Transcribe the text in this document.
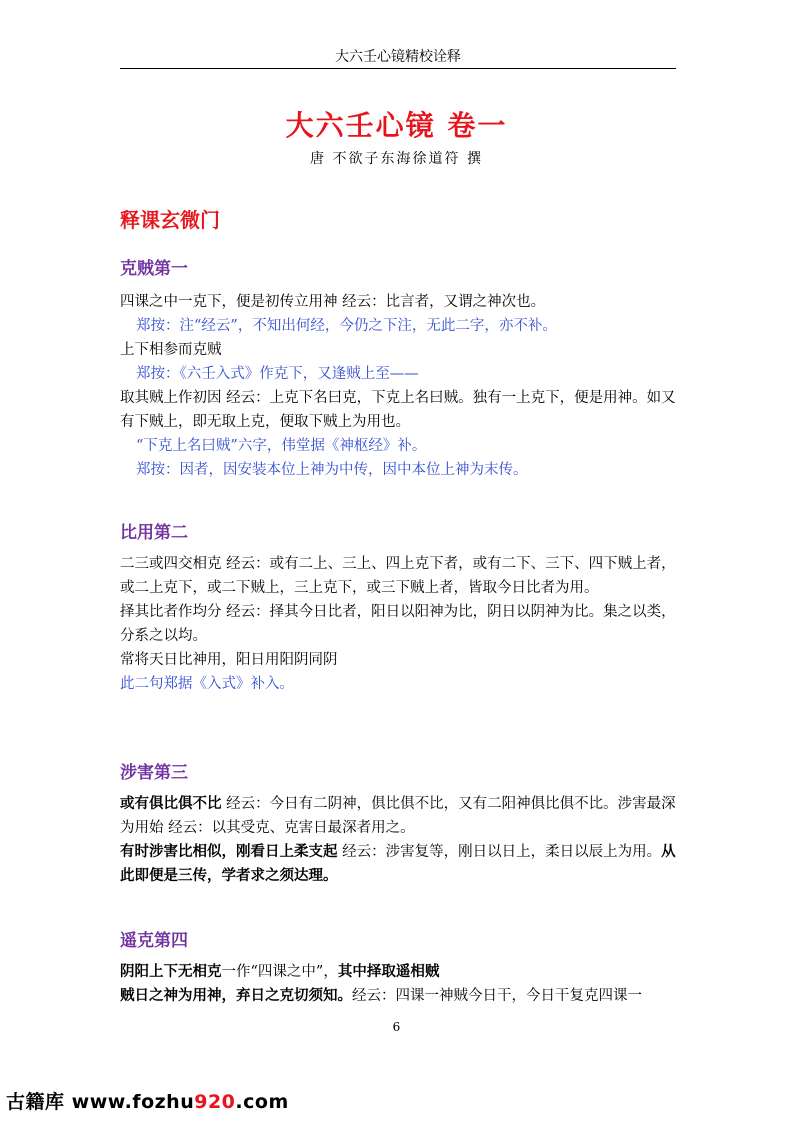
大六壬心镜精校诠释
大六壬心镜 卷一
唐 不欲子东海徐道符 撰
释课玄微门
克贼第一

四课之中一克下，便是初传立用神 经云：比言者，又谓之神次也。
郑按：注“经云”，不知出何经，今仍之下注，无此二字，亦不补。
上下相参而克贼
郑按：《六壬入式》作克下，又逢贼上至——
取其贼上作初因 经云：上克下名曰克，下克上名曰贼。独有一上克下，便是用神。如又有下贼上，即无取上克，便取下贼上为用也。
“下克上名曰贼”六字，伟堂据《神枢经》补。
郑按：因者，因安装本位上神为中传，因中本位上神为末传。

比用第二

二三或四交相克 经云：或有二上、三上、四上克下者，或有二下、三下、四下贼上者，或二上克下，或二下贼上，三上克下，或三下贼上者，皆取今日比者为用。
择其比者作均分 经云：择其今日比者，阳日以阳神为比，阴日以阴神为比。集之以类，分系之以均。
常将天日比神用，阳日用阳阴同阴
此二句郑据《入式》补入。

涉害第三

或有俱比俱不比 经云：今日有二阴神，俱比俱不比，又有二阳神俱比俱不比。涉害最深为用始 经云：以其受克、克害日最深者用之。
有时涉害比相似，刚看日上柔支起 经云：涉害复等，刚日以日上，柔日以辰上为用。从此即便是三传，学者求之须达理。

遥克第四

阴阳上下无相克一作“四课之中”，其中择取遥相贼
贼日之神为用神，弃日之克切须知。经云：四课一神贼今日干，今日干复克四课一

6
古籍库 www.fozhu920.com
